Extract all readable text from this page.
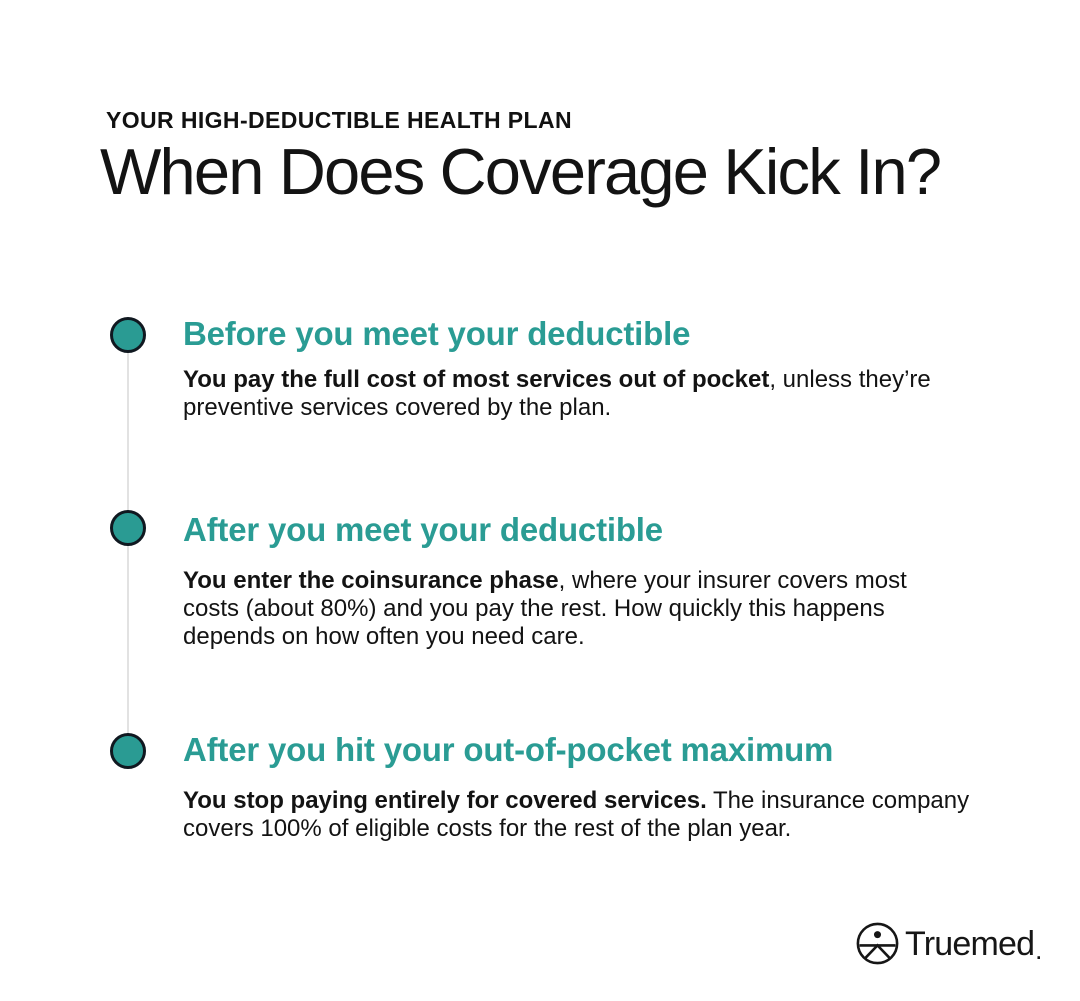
YOUR HIGH-DEDUCTIBLE HEALTH PLAN
When Does Coverage Kick In?
Before you meet your deductible

You pay the full cost of most services out of pocket, unless they’re preventive services covered by the plan.

After you meet your deductible

You enter the coinsurance phase, where your insurer covers most costs (about 80%) and you pay the rest. How quickly this happens depends on how often you need care.

After you hit your out-of-pocket maximum

You stop paying entirely for covered services. The insurance company covers 100% of eligible costs for the rest of the plan year.

Truemed .
